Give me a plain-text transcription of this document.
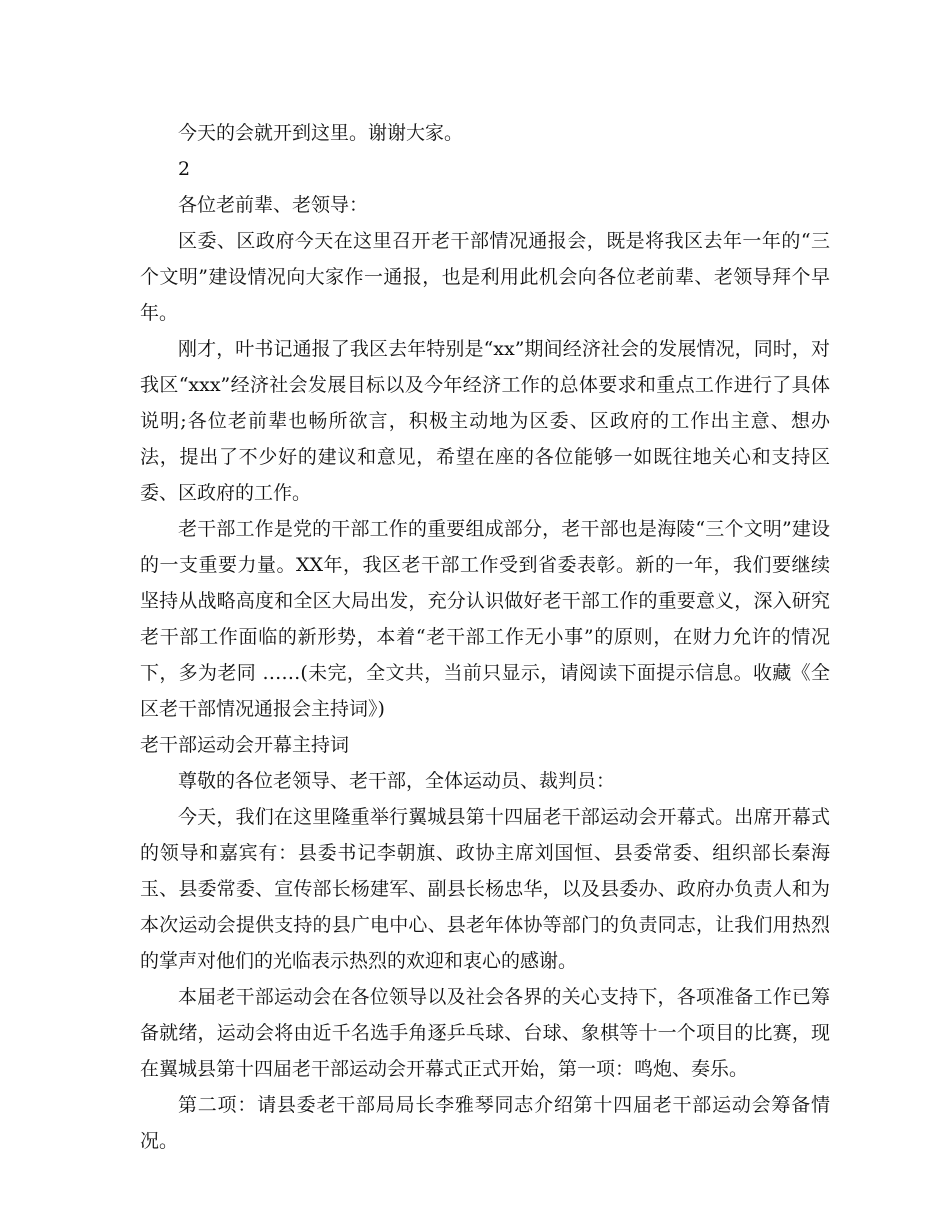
今天的会就开到这里。谢谢大家。

2

各位老前辈、老领导：

区委、区政府今天在这里召开老干部情况通报会，既是将我区去年一年的“三个文明”建设情况向大家作一通报，也是利用此机会向各位老前辈、老领导拜个早年。

刚才，叶书记通报了我区去年特别是“xx”期间经济社会的发展情况，同时，对我区“xxx”经济社会发展目标以及今年经济工作的总体要求和重点工作进行了具体说明;各位老前辈也畅所欲言，积极主动地为区委、区政府的工作出主意、想办法，提出了不少好的建议和意见，希望在座的各位能够一如既往地关心和支持区委、区政府的工作。

老干部工作是党的干部工作的重要组成部分，老干部也是海陵“三个文明”建设的一支重要力量。XX年，我区老干部工作受到省委表彰。新的一年，我们要继续坚持从战略高度和全区大局出发，充分认识做好老干部工作的重要意义，深入研究老干部工作面临的新形势，本着“老干部工作无小事”的原则，在财力允许的情况下，多为老同 ……(未完，全文共，当前只显示，请阅读下面提示信息。收藏《全区老干部情况通报会主持词》)

老干部运动会开幕主持词

尊敬的各位老领导、老干部，全体运动员、裁判员：

今天，我们在这里隆重举行翼城县第十四届老干部运动会开幕式。出席开幕式的领导和嘉宾有：县委书记李朝旗、政协主席刘国恒、县委常委、组织部长秦海玉、县委常委、宣传部长杨建军、副县长杨忠华，以及县委办、政府办负责人和为本次运动会提供支持的县广电中心、县老年体协等部门的负责同志，让我们用热烈的掌声对他们的光临表示热烈的欢迎和衷心的感谢。

本届老干部运动会在各位领导以及社会各界的关心支持下，各项准备工作已筹备就绪，运动会将由近千名选手角逐乒乓球、台球、象棋等十一个项目的比赛，现在翼城县第十四届老干部运动会开幕式正式开始，第一项：鸣炮、奏乐。

第二项：请县委老干部局局长李雅琴同志介绍第十四届老干部运动会筹备情况。
